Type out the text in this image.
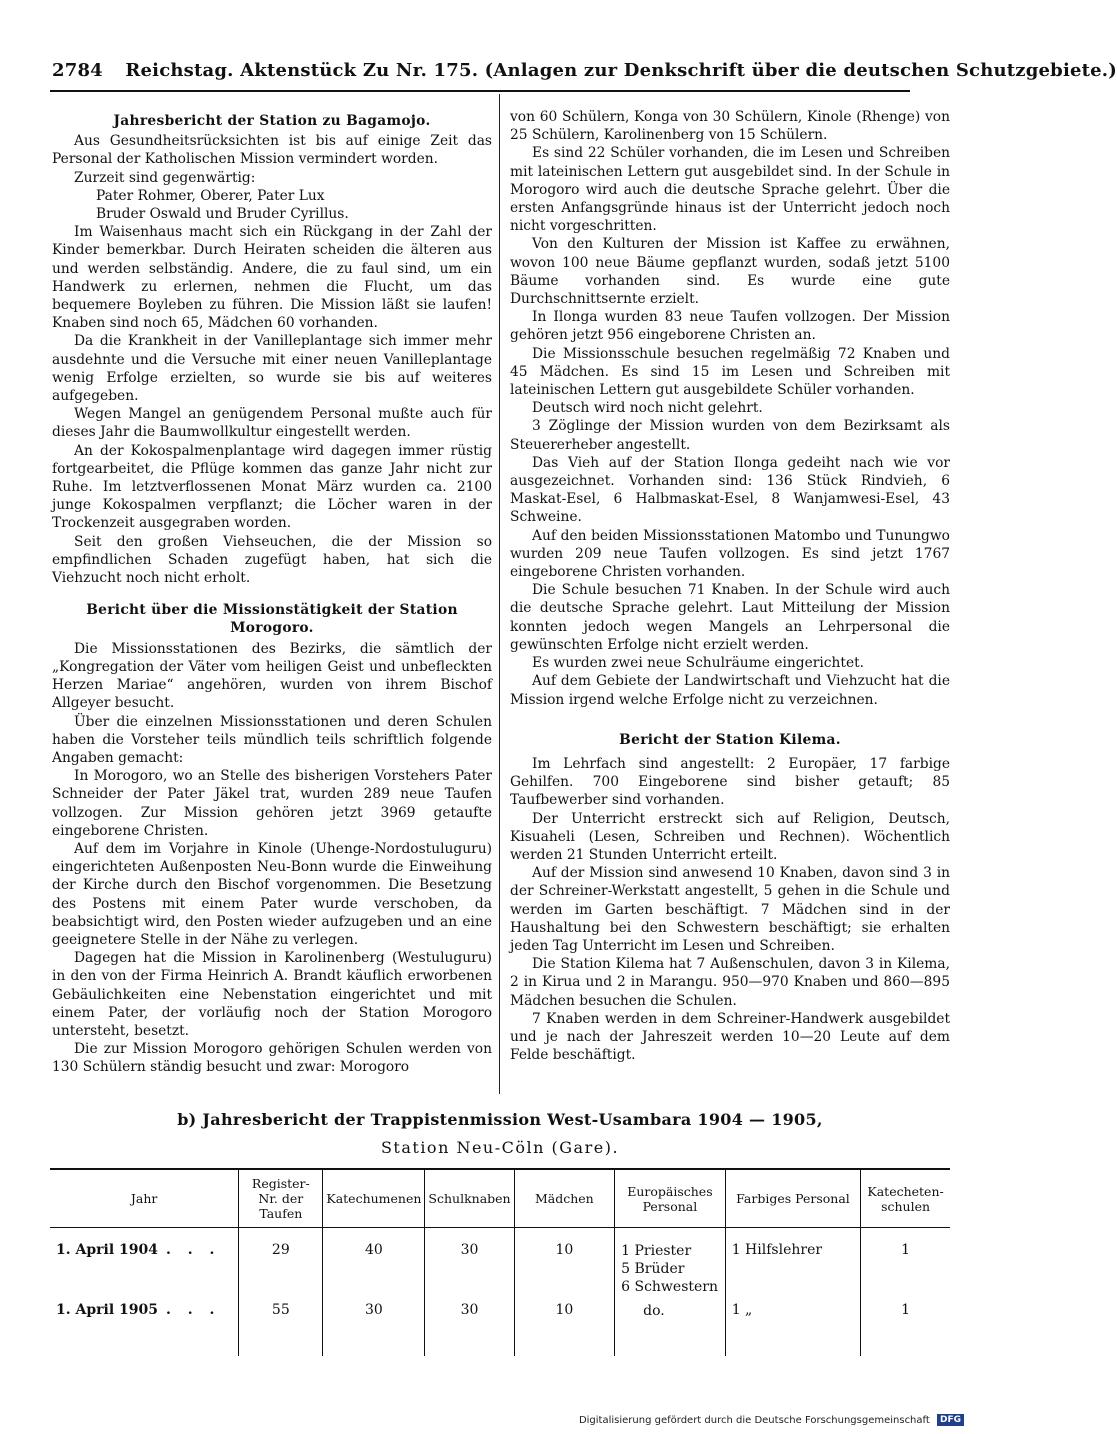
2784 Reichstag. Aktenstück Zu Nr. 175. (Anlagen zur Denkschrift über die deutschen Schutzgebiete.)

Jahresbericht der Station zu Bagamojo.

Aus Gesundheitsrücksichten ist bis auf einige Zeit das Personal der Katholischen Mission vermindert worden.

Zurzeit sind gegenwärtig:

Pater Rohmer, Oberer, Pater Lux

Bruder Oswald und Bruder Cyrillus.

Im Waisenhaus macht sich ein Rückgang in der Zahl der Kinder bemerkbar. Durch Heiraten scheiden die älteren aus und werden selbständig. Andere, die zu faul sind, um ein Handwerk zu erlernen, nehmen die Flucht, um das bequemere Boyleben zu führen. Die Mission läßt sie laufen! Knaben sind noch 65, Mädchen 60 vorhanden.

Da die Krankheit in der Vanilleplantage sich immer mehr ausdehnte und die Versuche mit einer neuen Vanilleplantage wenig Erfolge erzielten, so wurde sie bis auf weiteres aufgegeben.

Wegen Mangel an genügendem Personal mußte auch für dieses Jahr die Baumwollkultur eingestellt werden.

An der Kokospalmenplantage wird dagegen immer rüstig fortgearbeitet, die Pflüge kommen das ganze Jahr nicht zur Ruhe. Im letztverflossenen Monat März wurden ca. 2100 junge Kokospalmen verpflanzt; die Löcher waren in der Trockenzeit ausgegraben worden.

Seit den großen Viehseuchen, die der Mission so empfindlichen Schaden zugefügt haben, hat sich die Viehzucht noch nicht erholt.

Bericht über die Missionstätigkeit der Station Morogoro.

Die Missionsstationen des Bezirks, die sämtlich der „Kongregation der Väter vom heiligen Geist und unbefleckten Herzen Mariae“ angehören, wurden von ihrem Bischof Allgeyer besucht.

Über die einzelnen Missionsstationen und deren Schulen haben die Vorsteher teils mündlich teils schriftlich folgende Angaben gemacht:

In Morogoro, wo an Stelle des bisherigen Vorstehers Pater Schneider der Pater Jäkel trat, wurden 289 neue Taufen vollzogen. Zur Mission gehören jetzt 3969 getaufte eingeborene Christen.

Auf dem im Vorjahre in Kinole (Uhenge-Nordostuluguru) eingerichteten Außenposten Neu-Bonn wurde die Einweihung der Kirche durch den Bischof vorgenommen. Die Besetzung des Postens mit einem Pater wurde verschoben, da beabsichtigt wird, den Posten wieder aufzugeben und an eine geeignetere Stelle in der Nähe zu verlegen.

Dagegen hat die Mission in Karolinenberg (Westuluguru) in den von der Firma Heinrich A. Brandt käuflich erworbenen Gebäulichkeiten eine Nebenstation eingerichtet und mit einem Pater, der vorläufig noch der Station Morogoro untersteht, besetzt.

Die zur Mission Morogoro gehörigen Schulen werden von 130 Schülern ständig besucht und zwar: Morogoro

von 60 Schülern, Konga von 30 Schülern, Kinole (Rhenge) von 25 Schülern, Karolinenberg von 15 Schülern.

Es sind 22 Schüler vorhanden, die im Lesen und Schreiben mit lateinischen Lettern gut ausgebildet sind. In der Schule in Morogoro wird auch die deutsche Sprache gelehrt. Über die ersten Anfangsgründe hinaus ist der Unterricht jedoch noch nicht vorgeschritten.

Von den Kulturen der Mission ist Kaffee zu erwähnen, wovon 100 neue Bäume gepflanzt wurden, sodaß jetzt 5100 Bäume vorhanden sind. Es wurde eine gute Durchschnittsernte erzielt.

In Ilonga wurden 83 neue Taufen vollzogen. Der Mission gehören jetzt 956 eingeborene Christen an.

Die Missionsschule besuchen regelmäßig 72 Knaben und 45 Mädchen. Es sind 15 im Lesen und Schreiben mit lateinischen Lettern gut ausgebildete Schüler vorhanden.

Deutsch wird noch nicht gelehrt.

3 Zöglinge der Mission wurden von dem Bezirksamt als Steuererheber angestellt.

Das Vieh auf der Station Ilonga gedeiht nach wie vor ausgezeichnet. Vorhanden sind: 136 Stück Rindvieh, 6 Maskat-Esel, 6 Halbmaskat-Esel, 8 Wanjamwesi-Esel, 43 Schweine.

Auf den beiden Missionsstationen Matombo und Tunungwo wurden 209 neue Taufen vollzogen. Es sind jetzt 1767 eingeborene Christen vorhanden.

Die Schule besuchen 71 Knaben. In der Schule wird auch die deutsche Sprache gelehrt. Laut Mitteilung der Mission konnten jedoch wegen Mangels an Lehrpersonal die gewünschten Erfolge nicht erzielt werden.

Es wurden zwei neue Schulräume eingerichtet.

Auf dem Gebiete der Landwirtschaft und Viehzucht hat die Mission irgend welche Erfolge nicht zu verzeichnen.

Bericht der Station Kilema.

Im Lehrfach sind angestellt: 2 Europäer, 17 farbige Gehilfen. 700 Eingeborene sind bisher getauft; 85 Taufbewerber sind vorhanden.

Der Unterricht erstreckt sich auf Religion, Deutsch, Kisuaheli (Lesen, Schreiben und Rechnen). Wöchentlich werden 21 Stunden Unterricht erteilt.

Auf der Mission sind anwesend 10 Knaben, davon sind 3 in der Schreiner-Werkstatt angestellt, 5 gehen in die Schule und werden im Garten beschäftigt. 7 Mädchen sind in der Haushaltung bei den Schwestern beschäftigt; sie erhalten jeden Tag Unterricht im Lesen und Schreiben.

Die Station Kilema hat 7 Außenschulen, davon 3 in Kilema, 2 in Kirua und 2 in Marangu. 950—970 Knaben und 860—895 Mädchen besuchen die Schulen.

7 Knaben werden in dem Schreiner-Handwerk ausgebildet und je nach der Jahreszeit werden 10—20 Leute auf dem Felde beschäftigt.

b) Jahresbericht der Trappistenmission West-Usambara 1904 — 1905,
Station Neu-Cöln (Gare).
Jahr	Register-Nr. der Taufen	Katechumenen	Schulknaben	Mädchen	Europäisches Personal	Farbiges Personal	Katecheten-schulen
1. April 1904 . . .	29	40	30	10	1 Priester
5 Brüder
6 Schwestern	1 Hilfslehrer	1
1. April 1905 . . .	55	30	30	10	do.	1 „	1
Digitalisierung gefördert durch die Deutsche Forschungsgemeinschaft DFG
